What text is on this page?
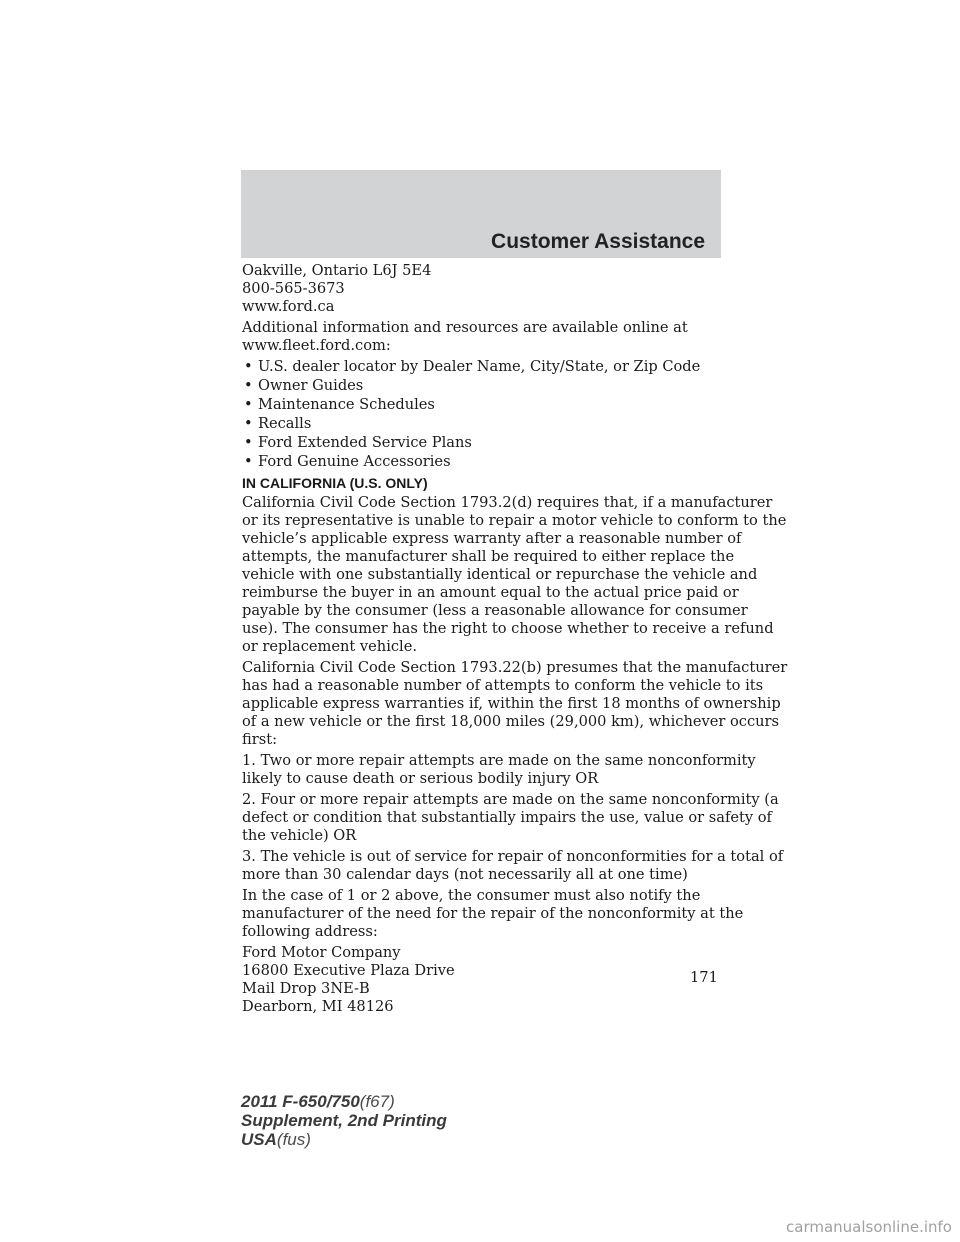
Customer Assistance

Oakville, Ontario L6J 5E4
800-565-3673
www.ford.ca

Additional information and resources are available online at
www.fleet.ford.com:

• U.S. dealer locator by Dealer Name, City/State, or Zip Code
• Owner Guides
• Maintenance Schedules
• Recalls
• Ford Extended Service Plans
• Ford Genuine Accessories
IN CALIFORNIA (U.S. ONLY)

California Civil Code Section 1793.2(d) requires that, if a manufacturer
or its representative is unable to repair a motor vehicle to conform to the
vehicle’s applicable express warranty after a reasonable number of
attempts, the manufacturer shall be required to either replace the
vehicle with one substantially identical or repurchase the vehicle and
reimburse the buyer in an amount equal to the actual price paid or
payable by the consumer (less a reasonable allowance for consumer
use). The consumer has the right to choose whether to receive a refund
or replacement vehicle.

California Civil Code Section 1793.22(b) presumes that the manufacturer
has had a reasonable number of attempts to conform the vehicle to its
applicable express warranties if, within the first 18 months of ownership
of a new vehicle or the first 18,000 miles (29,000 km), whichever occurs
first:

1. Two or more repair attempts are made on the same nonconformity
likely to cause death or serious bodily injury OR

2. Four or more repair attempts are made on the same nonconformity (a
defect or condition that substantially impairs the use, value or safety of
the vehicle) OR

3. The vehicle is out of service for repair of nonconformities for a total of
more than 30 calendar days (not necessarily all at one time)

In the case of 1 or 2 above, the consumer must also notify the
manufacturer of the need for the repair of the nonconformity at the
following address:

Ford Motor Company
16800 Executive Plaza Drive
Mail Drop 3NE-B
Dearborn, MI 48126

171
2011 F-650/750(f67)
Supplement, 2nd Printing
USA(fus)
carmanualsonline.info
